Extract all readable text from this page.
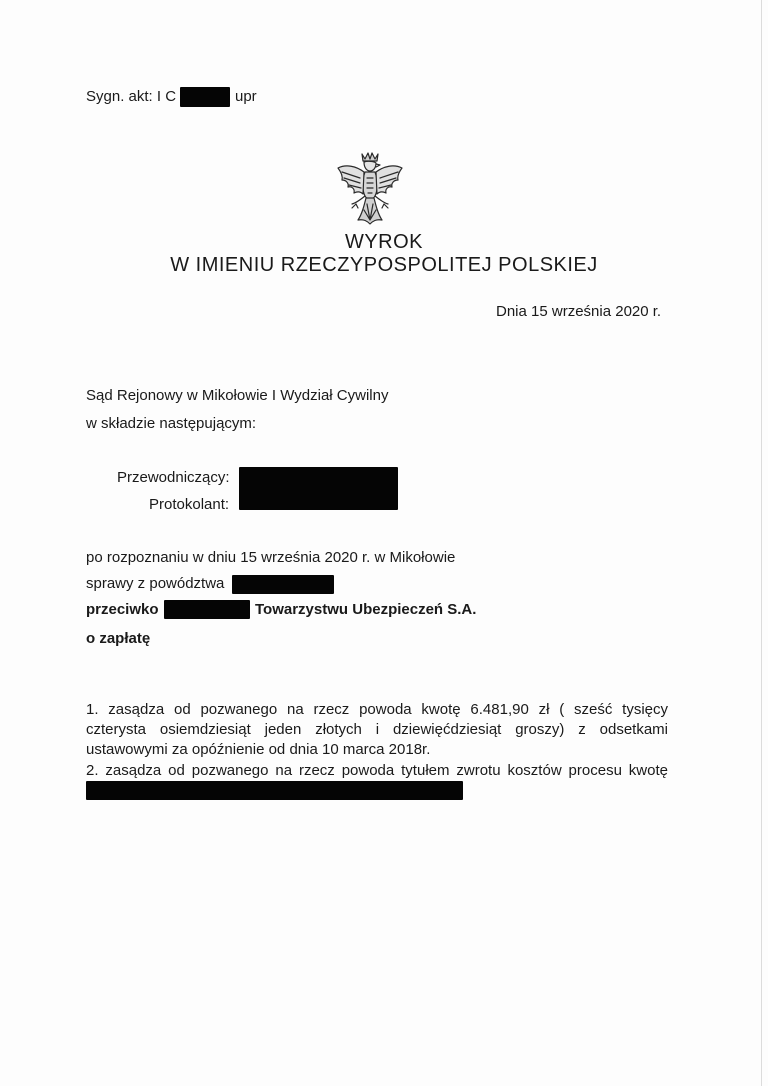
Sygn. akt: I C	upr
WYROK
W IMIENIU RZECZYPOSPOLITEJ POLSKIEJ
Dnia 15 września 2020 r.
Sąd Rejonowy w Mikołowie I Wydział Cywilny
w składzie następującym:
Przewodniczący:
Protokolant:
po rozpoznaniu w dniu 15 września 2020 r. w Mikołowie
sprawy z powództwa
przeciwko	Towarzystwu Ubezpieczeń S.A.
o zapłatę
1. zasądza od pozwanego na rzecz powoda kwotę 6.481,90 zł ( sześć tysięcy
czterysta osiemdziesiąt jeden złotych i dziewięćdziesiąt groszy) z odsetkami
ustawowymi za opóźnienie od dnia 10 marca 2018r.
2. zasądza od pozwanego na rzecz powoda tytułem zwrotu kosztów procesu kwotę
